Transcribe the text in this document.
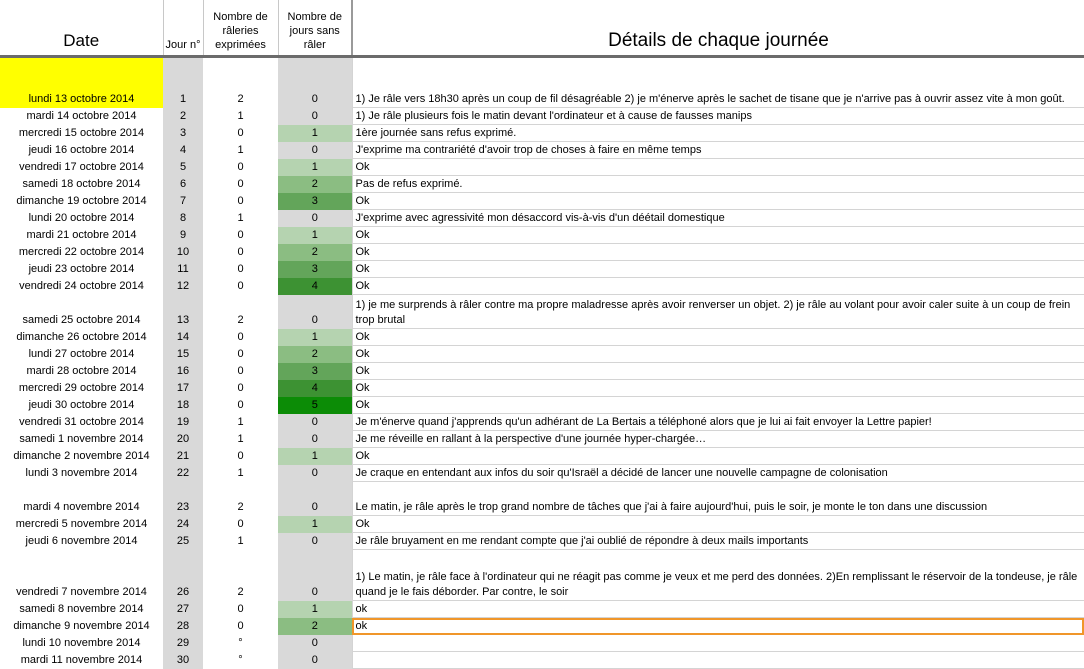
Date	Jour n°	Nombre de râleries exprimées	Nombre de jours sans râler	Détails de chaque journée
lundi 13 octobre 2014	1	2	0	1) Je râle vers 18h30 après un coup de fil désagréable 2) je m'énerve après le sachet de tisane que je n'arrive pas à ouvrir assez vite à mon goût.
mardi 14 octobre 2014	2	1	0	1) Je râle plusieurs fois le matin devant l'ordinateur et à cause de fausses manips
mercredi 15 octobre 2014	3	0	1	1ère journée sans refus exprimé.
jeudi 16 octobre 2014	4	1	0	J'exprime ma contrariété d'avoir trop de choses à faire en même temps
vendredi 17 octobre 2014	5	0	1	Ok
samedi 18 octobre 2014	6	0	2	Pas de refus exprimé.
dimanche 19 octobre 2014	7	0	3	Ok
lundi 20 octobre 2014	8	1	0	J'exprime avec agressivité mon désaccord vis-à-vis d'un déétail domestique
mardi 21 octobre 2014	9	0	1	Ok
mercredi 22 octobre 2014	10	0	2	Ok
jeudi 23 octobre 2014	11	0	3	Ok
vendredi 24 octobre 2014	12	0	4	Ok
samedi 25 octobre 2014	13	2	0	1) je me surprends à râler contre ma propre maladresse après avoir renverser un objet. 2) je râle au volant pour avoir caler suite à un coup de frein trop brutal
dimanche 26 octobre 2014	14	0	1	Ok
lundi 27 octobre 2014	15	0	2	Ok
mardi 28 octobre 2014	16	0	3	Ok
mercredi 29 octobre 2014	17	0	4	Ok
jeudi 30 octobre 2014	18	0	5	Ok
vendredi 31 octobre 2014	19	1	0	Je m'énerve quand j'apprends qu'un adhérant de La Bertais a téléphoné alors que je lui ai fait envoyer la Lettre papier!
samedi 1 novembre 2014	20	1	0	Je me réveille en rallant à la perspective d'une journée hyper-chargée…
dimanche 2 novembre 2014	21	0	1	Ok
lundi 3 novembre 2014	22	1	0	Je craque en entendant aux infos du soir qu'Israël a décidé de lancer une nouvelle campagne de colonisation
mardi 4 novembre 2014	23	2	0	Le matin, je râle après le trop grand nombre de tâches que j'ai à faire aujourd'hui, puis le soir, je monte le ton dans une discussion
mercredi 5 novembre 2014	24	0	1	Ok
jeudi 6 novembre 2014	25	1	0	Je râle bruyament en me rendant compte que j'ai oublié de répondre à deux mails importants
vendredi 7 novembre 2014	26	2	0	1) Le matin, je râle face à l'ordinateur qui ne réagit pas comme je veux et me perd des données. 2)En remplissant le réservoir de la tondeuse, je râle quand je le fais déborder. Par contre, le soir
samedi 8 novembre 2014	27	0	1	ok
dimanche 9 novembre 2014	28	0	2	ok
lundi 10 novembre 2014	29	°	0	
mardi 11 novembre 2014	30	°	0	
